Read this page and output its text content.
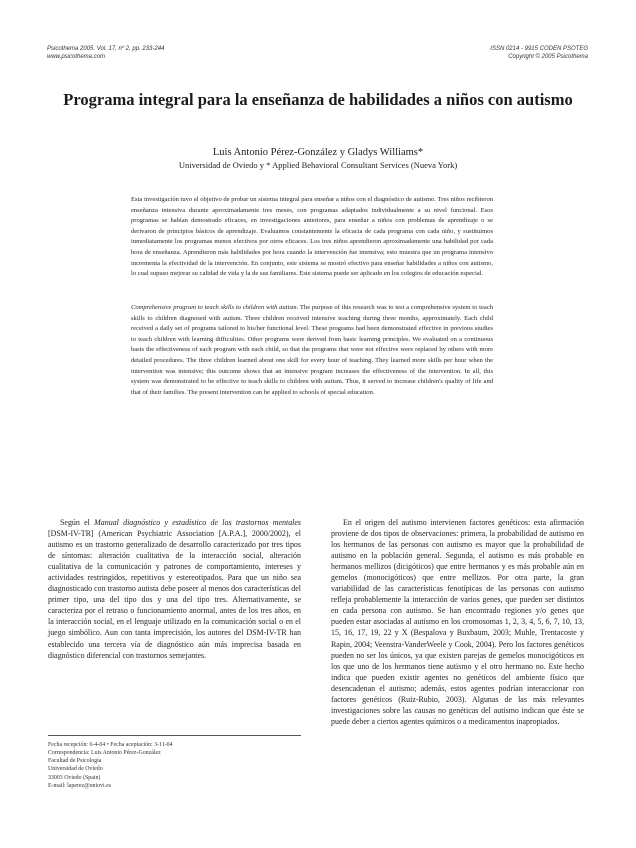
Psicothema 2005. Vol. 17, nº 2, pp. 233-244
www.psicothema.com
ISSN 0214 - 9915 CODEN PSOTEG
Copyright © 2005 Psicothema
Programa integral para la enseñanza de habilidades a niños con autismo
Luis Antonio Pérez-González y Gladys Williams*
Universidad de Oviedo y * Applied Behavioral Consultant Services (Nueva York)
Esta investigación tuvo el objetivo de probar un sistema integral para enseñar a niños con el diagnóstico de autismo. Tres niños recibieron enseñanza intensiva durante aproximadamente tres meses, con programas adaptados individualmente a su nivel funcional. Esos programas se habían demostrado eficaces, en investigaciones anteriores, para enseñar a niños con problemas de aprendizaje o se derivaron de principios básicos de aprendizaje. Evaluamos constantemente la eficacia de cada programa con cada niño, y sustituimos inmediatamente los programas menos efectivos por otros eficaces. Los tres niños aprendieron aproximadamente una habilidad por cada hora de enseñanza. Aprendieron más habilidades por hora cuando la intervención fue intensiva; esto muestra que un programa intensivo incrementa la efectividad de la intervención. En conjunto, este sistema se mostró efectivo para enseñar habilidades a niños con autismo, lo cual supuso mejorar su calidad de vida y la de sus familiares. Este sistema puede ser aplicado en los colegios de educación especial.
Comprehensive program to teach skills to children with autism. The purpose of this research was to test a comprehensive system to teach skills to children diagnosed with autism. Three children received intensive teaching during three months, approximately. Each child received a daily set of programs tailored to his/her functional level. These programs had been demonstrated effective in previous studies to teach children with learning difficulties. Other programs were derived from basic learning principles. We evaluated on a continuous basis the effectiveness of each program with each child, so that the programs that were not effective were replaced by others with more detailed procedures. The three children learned about one skill for every hour of teaching. They learned more skills per hour when the intervention was intensive; this outcome shows that an intensive program increases the effectiveness of the intervention. In all, this system was demonstrated to be effective to teach skills to children with autism. Thus, it served to increase children's quality of life and that of their families. The present intervention can be applied to schools of special education.

Según el Manual diagnóstico y estadístico de los trastornos mentales [DSM-IV-TR] (American Psychiatric Association [A.P.A.], 2000/2002), el autismo es un trastorno generalizado de desarrollo caracterizado por tres tipos de síntomas: alteración cualitativa de la interacción social, alteración cualitativa de la comunicación y patrones de comportamiento, intereses y actividades restringidos, repetitivos y estereotipados. Para que un niño sea diagnosticado con trastorno autista debe poseer al menos dos características del primer tipo, una del tipo dos y una del tipo tres. Alternativamente, se caracteriza por el retraso o funcionamiento anormal, antes de los tres años, en la interacción social, en el lenguaje utilizado en la comunicación social o en el juego simbólico. Aun con tanta imprecisión, los autores del DSM-IV-TR han establecido una tercera vía de diagnóstico aún más imprecisa basada en diagnóstico diferencial con trastornos semejantes.

En el origen del autismo intervienen factores genéticos: esta afirmación proviene de dos tipos de observaciones: primera, la probabilidad de autismo en los hermanos de las personas con autismo es mayor que la probabilidad de autismo en la población general. Segunda, el autismo es más probable en hermanos mellizos (dicigóticos) que entre hermanos y es más probable aún en gemelos (monocigóticos) que entre mellizos. Por otra parte, la gran variabilidad de las características fenotípicas de las personas con autismo refleja probablemente la interacción de varios genes, que pueden ser distintos en cada persona con autismo. Se han encontrado regiones y/o genes que pueden estar asociadas al autismo en los cromosomas 1, 2, 3, 4, 5, 6, 7, 10, 13, 15, 16, 17, 19, 22 y X (Bespalova y Buxbaum, 2003; Muhle, Trentacoste y Rapin, 2004; Veenstra-VanderWeele y Cook, 2004). Pero los factores genéticos pueden no ser los únicos, ya que existen parejas de gemelos monocigóticos en los que uno de los hermanos tiene autismo y el otro hermano no. Este hecho indica que pueden existir agentes no genéticos del ambiente físico que desencadenan el autismo; además, estos agentes podrían interaccionar con factores genéticos (Ruiz-Rubio, 2003). Algunas de las más relevantes investigaciones sobre las causas no genéticas del autismo indican que éste se puede deber a ciertos agentes químicos o a medicamentos inapropiados.

Fecha recepción: 6-4-04 • Fecha aceptación: 3-11-04
Correspondencia: Luis Antonio Pérez-González
Facultad de Psicología
Universidad de Oviedo
33003 Oviedo (Spain)
E-mail: laperez@uniovi.es
